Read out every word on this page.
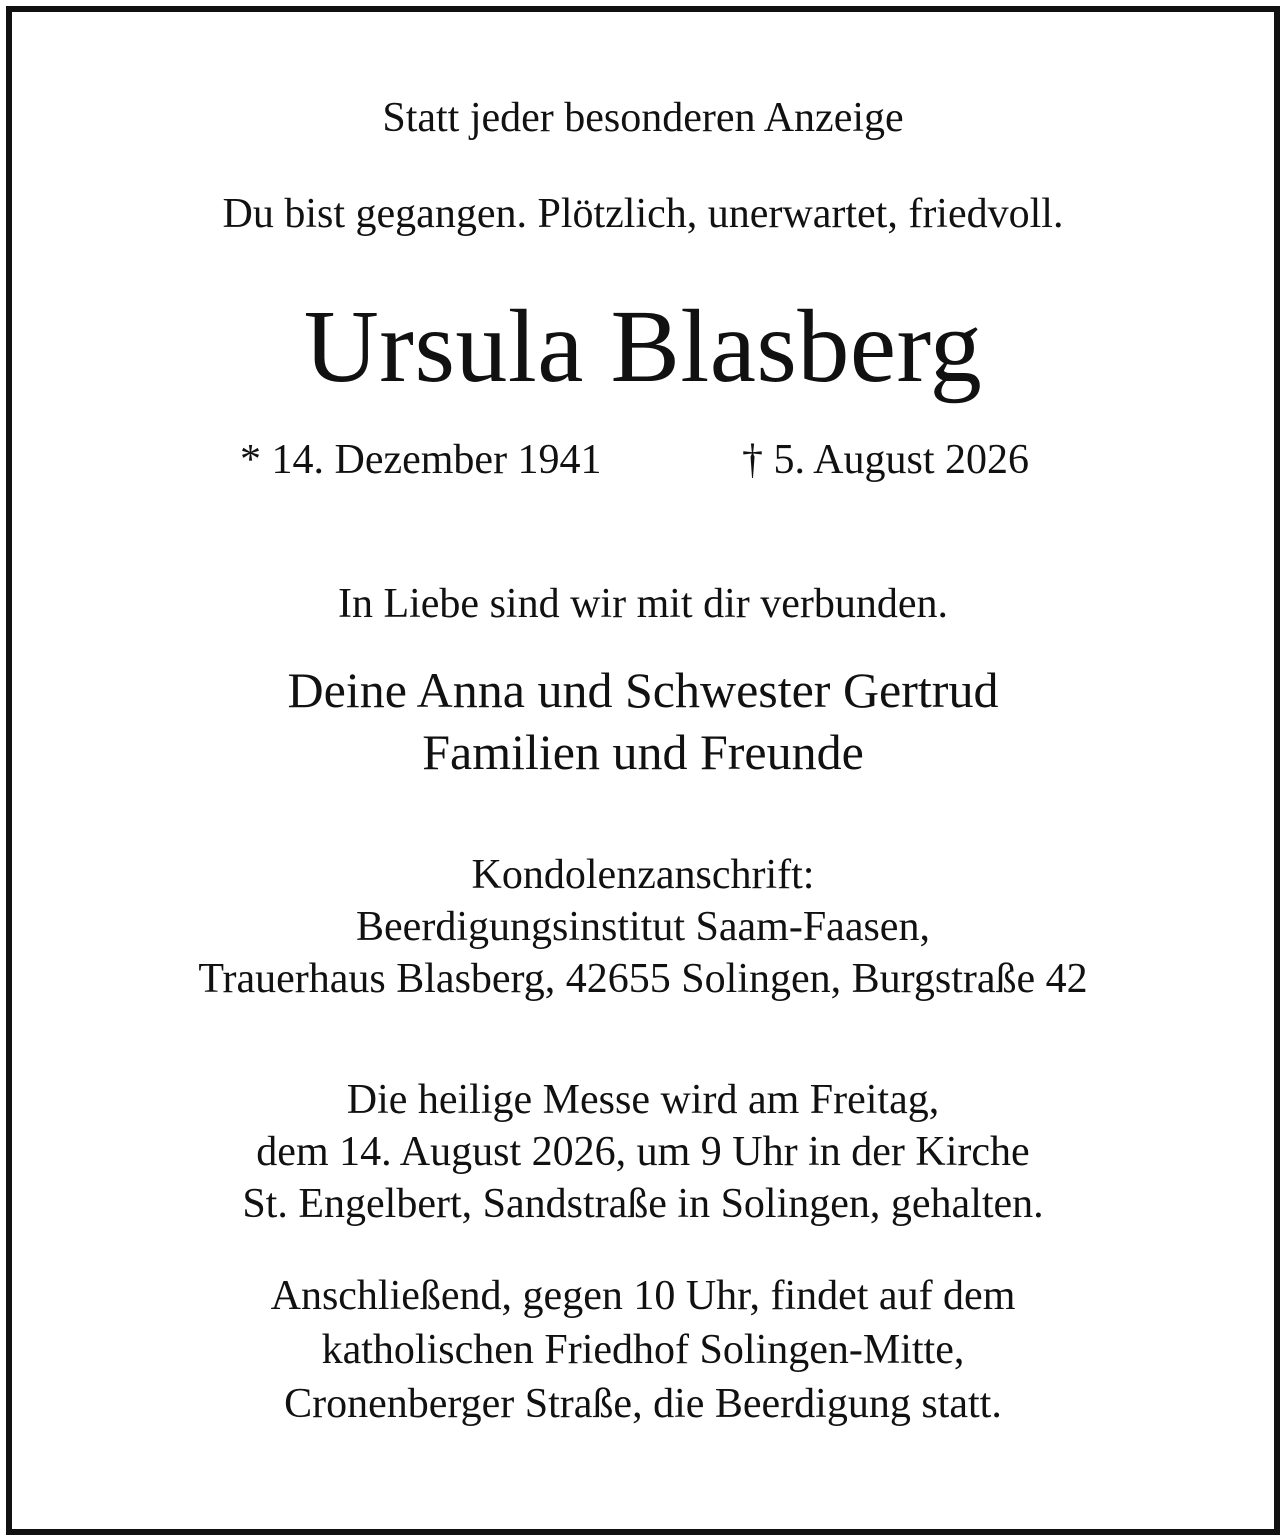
Statt jeder besonderen Anzeige

Du bist gegangen. Plötzlich, unerwartet, friedvoll.

Ursula Blasberg

* 14. Dezember 1941	† 5. August 2026

In Liebe sind wir mit dir verbunden.

Deine Anna und Schwester Gertrud
Familien und Freunde
Kondolenzanschrift:
Beerdigungsinstitut Saam-Faasen,
Trauerhaus Blasberg, 42655 Solingen, Burgstraße 42
Die heilige Messe wird am Freitag,
dem 14. August 2026, um 9 Uhr in der Kirche
St. Engelbert, Sandstraße in Solingen, gehalten.
Anschließend, gegen 10 Uhr, findet auf dem
katholischen Friedhof Solingen-Mitte,
Cronenberger Straße, die Beerdigung statt.
